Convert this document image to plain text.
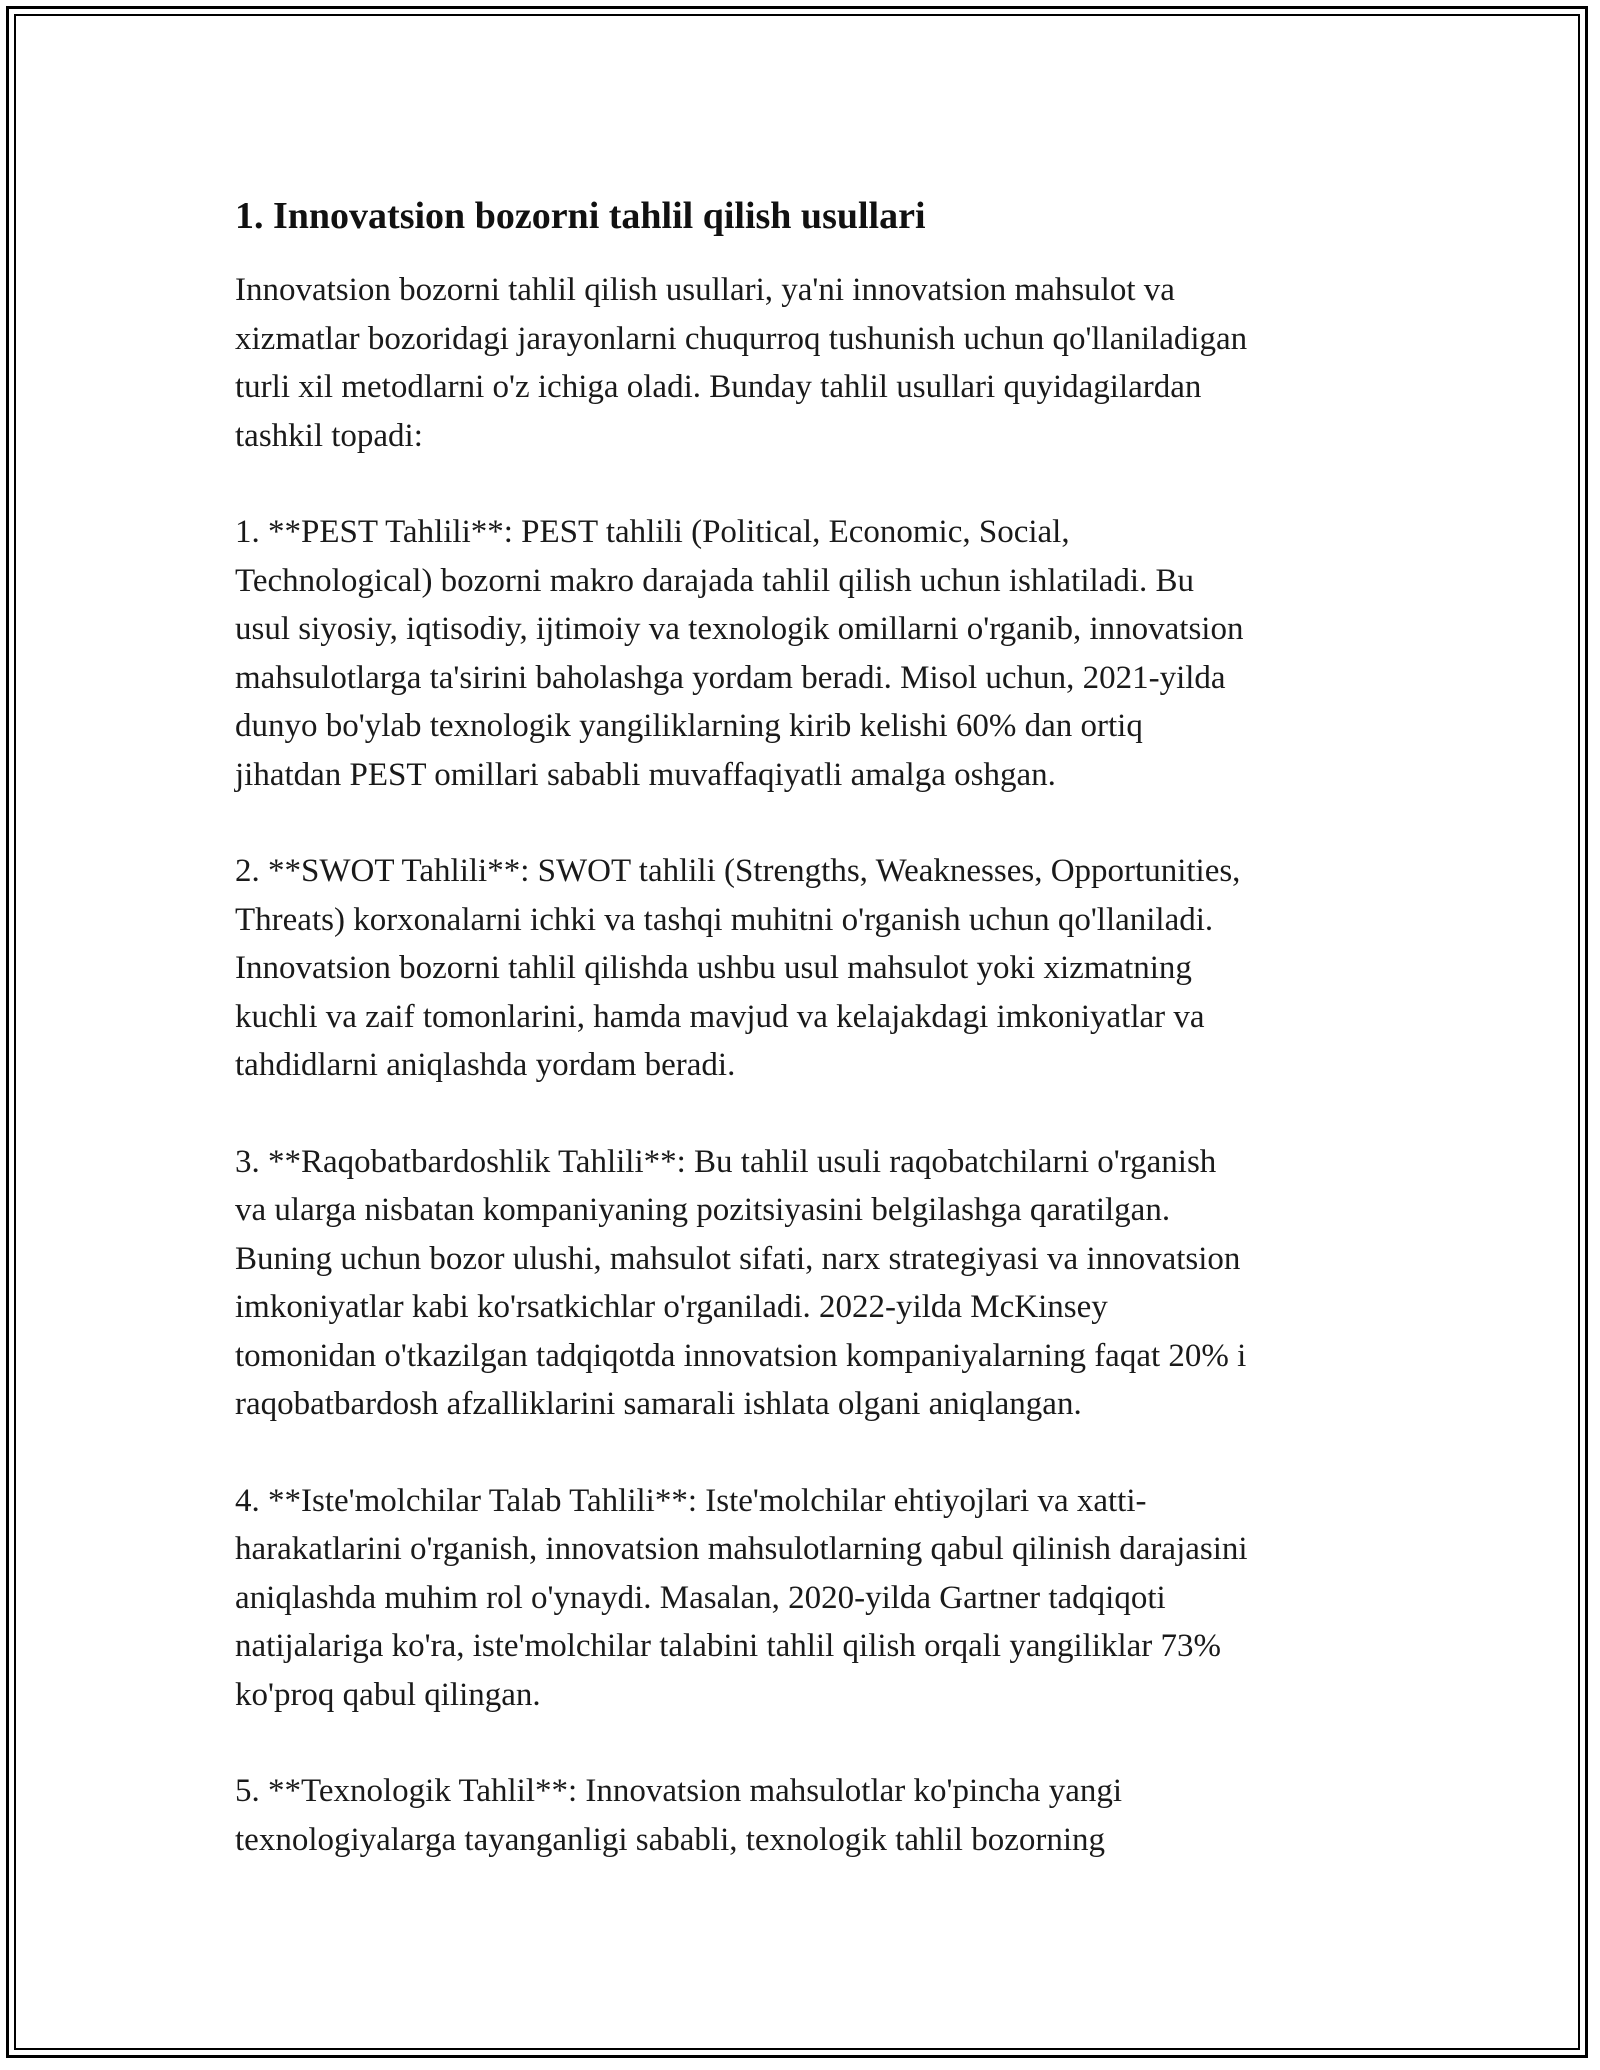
1. Innovatsion bozorni tahlil qilish usullari

Innovatsion bozorni tahlil qilish usullari, ya'ni innovatsion mahsulot va
xizmatlar bozoridagi jarayonlarni chuqurroq tushunish uchun qo'llaniladigan
turli xil metodlarni o'z ichiga oladi. Bunday tahlil usullari quyidagilardan
tashkil topadi:

1. **PEST Tahlili**: PEST tahlili (Political, Economic, Social,
Technological) bozorni makro darajada tahlil qilish uchun ishlatiladi. Bu
usul siyosiy, iqtisodiy, ijtimoiy va texnologik omillarni o'rganib, innovatsion
mahsulotlarga ta'sirini baholashga yordam beradi. Misol uchun, 2021-yilda
dunyo bo'ylab texnologik yangiliklarning kirib kelishi 60% dan ortiq
jihatdan PEST omillari sababli muvaffaqiyatli amalga oshgan.

2. **SWOT Tahlili**: SWOT tahlili (Strengths, Weaknesses, Opportunities,
Threats) korxonalarni ichki va tashqi muhitni o'rganish uchun qo'llaniladi.
Innovatsion bozorni tahlil qilishda ushbu usul mahsulot yoki xizmatning
kuchli va zaif tomonlarini, hamda mavjud va kelajakdagi imkoniyatlar va
tahdidlarni aniqlashda yordam beradi.

3. **Raqobatbardoshlik Tahlili**: Bu tahlil usuli raqobatchilarni o'rganish
va ularga nisbatan kompaniyaning pozitsiyasini belgilashga qaratilgan.
Buning uchun bozor ulushi, mahsulot sifati, narx strategiyasi va innovatsion
imkoniyatlar kabi ko'rsatkichlar o'rganiladi. 2022-yilda McKinsey
tomonidan o'tkazilgan tadqiqotda innovatsion kompaniyalarning faqat 20% i
raqobatbardosh afzalliklarini samarali ishlata olgani aniqlangan.

4. **Iste'molchilar Talab Tahlili**: Iste'molchilar ehtiyojlari va xatti-
harakatlarini o'rganish, innovatsion mahsulotlarning qabul qilinish darajasini
aniqlashda muhim rol o'ynaydi. Masalan, 2020-yilda Gartner tadqiqoti
natijalariga ko'ra, iste'molchilar talabini tahlil qilish orqali yangiliklar 73%
ko'proq qabul qilingan.

5. **Texnologik Tahlil**: Innovatsion mahsulotlar ko'pincha yangi
texnologiyalarga tayanganligi sababli, texnologik tahlil bozorning
